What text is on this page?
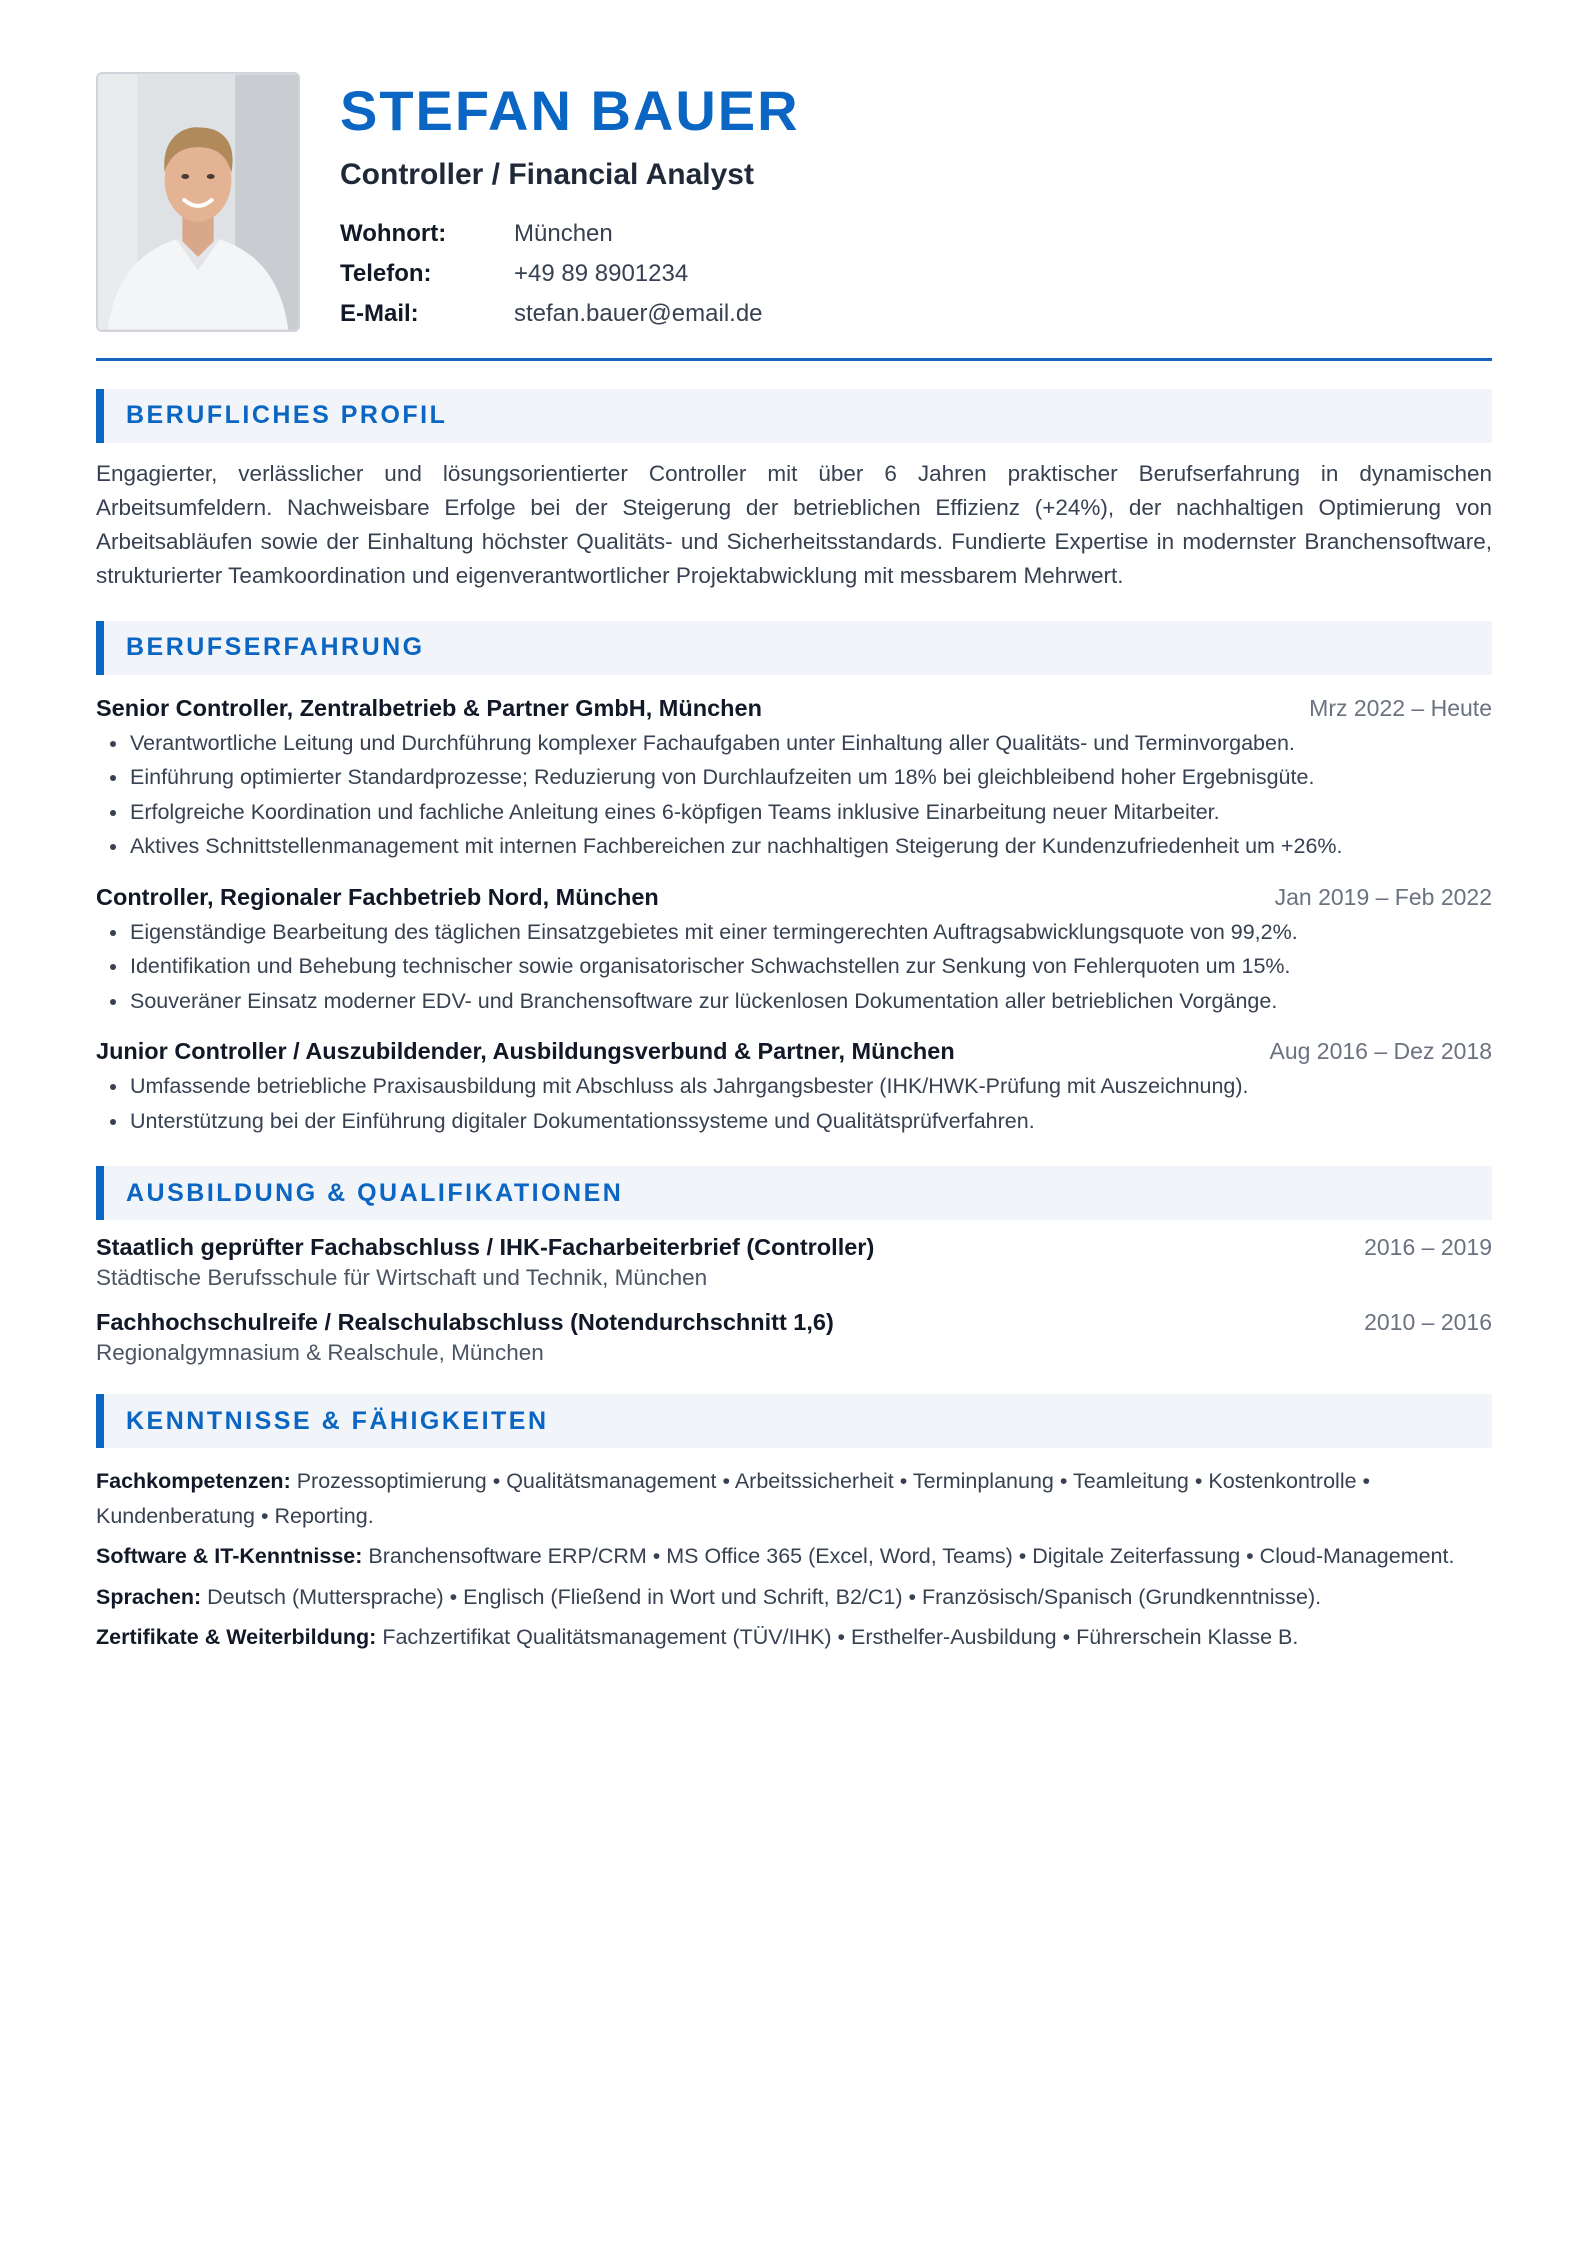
STEFAN BAUER
Controller / Financial Analyst
Wohnort:	München
Telefon:	+49 89 8901234
E-Mail:	stefan.bauer@email.de
BERUFLICHES PROFIL
Engagierter, verlässlicher und lösungsorientierter Controller mit über 6 Jahren praktischer Berufserfahrung in dynamischen Arbeitsumfeldern. Nachweisbare Erfolge bei der Steigerung der betrieblichen Effizienz (+24%), der nachhaltigen Optimierung von Arbeitsabläufen sowie der Einhaltung höchster Qualitäts- und Sicherheitsstandards. Fundierte Expertise in modernster Branchensoftware, strukturierter Teamkoordination und eigenverantwortlicher Projektabwicklung mit messbarem Mehrwert.
BERUFSERFAHRUNG
Senior Controller, Zentralbetrieb & Partner GmbH, München	Mrz 2022 – Heute
Verantwortliche Leitung und Durchführung komplexer Fachaufgaben unter Einhaltung aller Qualitäts- und Terminvorgaben.
Einführung optimierter Standardprozesse; Reduzierung von Durchlaufzeiten um 18% bei gleichbleibend hoher Ergebnisgüte.
Erfolgreiche Koordination und fachliche Anleitung eines 6-köpfigen Teams inklusive Einarbeitung neuer Mitarbeiter.
Aktives Schnittstellenmanagement mit internen Fachbereichen zur nachhaltigen Steigerung der Kundenzufriedenheit um +26%.
Controller, Regionaler Fachbetrieb Nord, München	Jan 2019 – Feb 2022
Eigenständige Bearbeitung des täglichen Einsatzgebietes mit einer termingerechten Auftragsabwicklungsquote von 99,2%.
Identifikation und Behebung technischer sowie organisatorischer Schwachstellen zur Senkung von Fehlerquoten um 15%.
Souveräner Einsatz moderner EDV- und Branchensoftware zur lückenlosen Dokumentation aller betrieblichen Vorgänge.
Junior Controller / Auszubildender, Ausbildungsverbund & Partner, München	Aug 2016 – Dez 2018
Umfassende betriebliche Praxisausbildung mit Abschluss als Jahrgangsbester (IHK/HWK-Prüfung mit Auszeichnung).
Unterstützung bei der Einführung digitaler Dokumentationssysteme und Qualitätsprüfverfahren.
AUSBILDUNG & QUALIFIKATIONEN
Staatlich geprüfter Fachabschluss / IHK-Facharbeiterbrief (Controller)	2016 – 2019
Städtische Berufsschule für Wirtschaft und Technik, München
Fachhochschulreife / Realschulabschluss (Notendurchschnitt 1,6)	2010 – 2016
Regionalgymnasium & Realschule, München
KENNTNISSE & FÄHIGKEITEN
Fachkompetenzen: Prozessoptimierung • Qualitätsmanagement • Arbeitssicherheit • Terminplanung • Teamleitung • Kostenkontrolle • Kundenberatung • Reporting.
Software & IT-Kenntnisse: Branchensoftware ERP/CRM • MS Office 365 (Excel, Word, Teams) • Digitale Zeiterfassung • Cloud-Management.
Sprachen: Deutsch (Muttersprache) • Englisch (Fließend in Wort und Schrift, B2/C1) • Französisch/Spanisch (Grundkenntnisse).
Zertifikate & Weiterbildung: Fachzertifikat Qualitätsmanagement (TÜV/IHK) • Ersthelfer-Ausbildung • Führerschein Klasse B.
